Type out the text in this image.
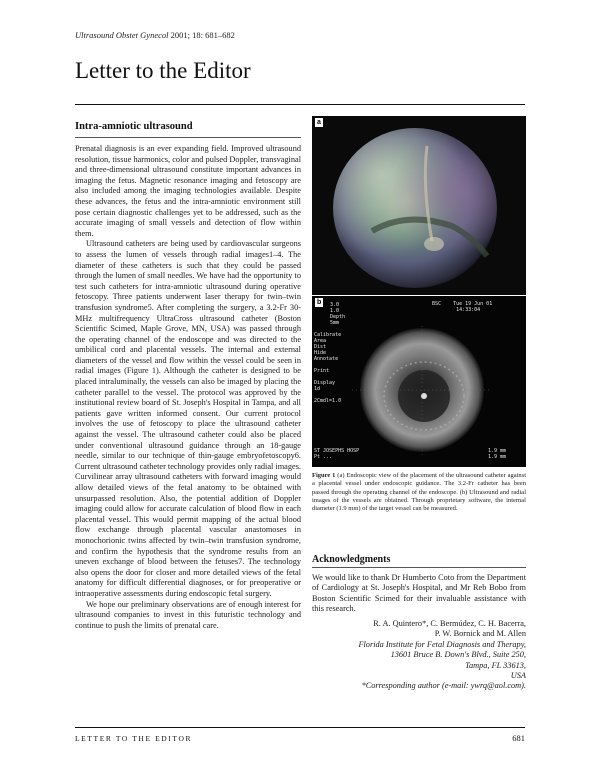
Ultrasound Obstet Gynecol 2001; 18: 681–682
Letter to the Editor
Intra-amniotic ultrasound

Prenatal diagnosis is an ever expanding field. Improved ultrasound resolution, tissue harmonics, color and pulsed Doppler, transvaginal and three-dimensional ultrasound constitute important advances in imaging the fetus. Magnetic resonance imaging and fetoscopy are also included among the imaging technologies available. Despite these advances, the fetus and the intra-amniotic environment still pose certain diagnostic challenges yet to be addressed, such as the accurate imaging of small vessels and detection of flow within them.

Ultrasound catheters are being used by cardiovascular surgeons to assess the lumen of vessels through radial images1–4. The diameter of these catheters is such that they could be passed through the lumen of small needles. We have had the opportunity to test such catheters for intra-amniotic ultrasound during operative fetoscopy. Three patients underwent laser therapy for twin–twin transfusion syndrome5. After completing the surgery, a 3.2-Fr 30-MHz multifrequency UltraCross ultrasound catheter (Boston Scientific Scimed, Maple Grove, MN, USA) was passed through the operating channel of the endoscope and was directed to the umbilical cord and placental vessels. The internal and external diameters of the vessel and flow within the vessel could be seen in radial images (Figure 1). Although the catheter is designed to be placed intraluminally, the vessels can also be imaged by placing the catheter parallel to the vessel. The protocol was approved by the institutional review board of St. Joseph's Hospital in Tampa, and all patients gave written informed consent. Our current protocol involves the use of fetoscopy to place the ultrasound catheter against the vessel. The ultrasound catheter could also be placed under conventional ultrasound guidance through an 18-gauge needle, similar to our technique of thin-gauge embryofetoscopy6. Current ultrasound catheter technology provides only radial images. Curvilinear array ultrasound catheters with forward imaging would allow detailed views of the fetal anatomy to be obtained with unsurpassed resolution. Also, the potential addition of Doppler imaging could allow for accurate calculation of blood flow in each placental vessel. This would permit mapping of the actual blood flow exchange through placental vascular anastomoses in monochorionic twins affected by twin–twin transfusion syndrome, and confirm the hypothesis that the syndrome results from an uneven exchange of blood between the fetuses7. The technology also opens the door for closer and more detailed views of the fetal anatomy for difficult differential diagnoses, or for preoperative or intraoperative assessments during endoscopic fetal surgery.

We hope our preliminary observations are of enough interest for ultrasound companies to invest in this futuristic technology and continue to push the limits of prenatal care.

a
b	3.0
1.0
Depth
5mm
BSC    Tue 19 Jun 01
14:33:04
Calibrate
Area
Dist
Hide
Annotate

Print

Display
1d

2Cmdl=1.0
ST JOSEPHS HOSP
Pt ...
1.9 mm
1.9 mm
Figure 1 (a) Endoscopic view of the placement of the ultrasound catheter against a placental vessel under endoscopic guidance. The 3.2-Fr catheter has been passed through the operating channel of the endoscope. (b) Ultrasound and radial images of the vessels are obtained. Through proprietary software, the internal diameter (1.9 mm) of the target vessel can be measured.
Acknowledgments
We would like to thank Dr Humberto Coto from the Department of Cardiology at St. Joseph's Hospital, and Mr Reb Bobo from Boston Scientific Scimed for their invaluable assistance with this research.
R. A. Quintero*, C. Bermúdez, C. H. Bacerra,
P. W. Bornick and M. Allen
Florida Institute for Fetal Diagnosis and Therapy,
13601 Bruce B. Down's Blvd., Suite 250,
Tampa, FL 33613,
USA
*Corresponding author (e-mail: ywrq@aol.com).
LETTER TO THE EDITOR	681
